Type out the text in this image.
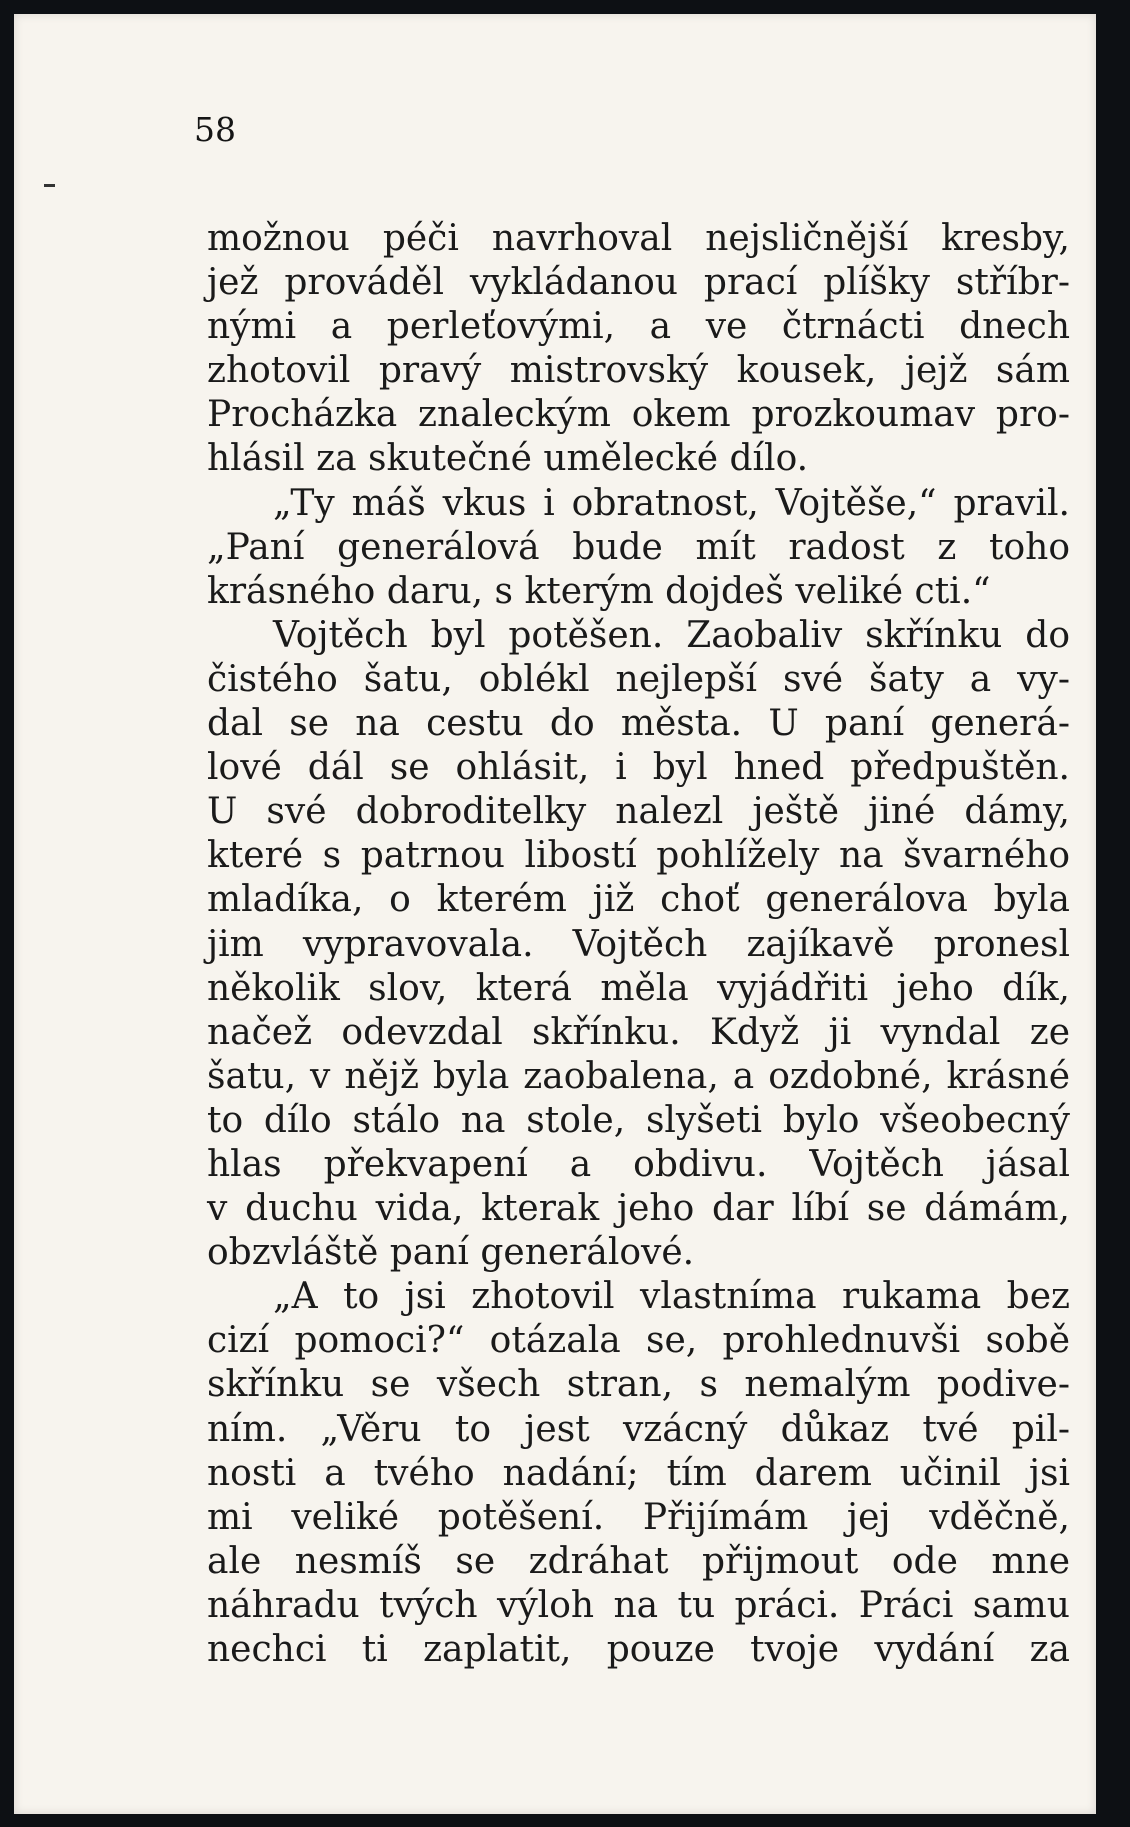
58
možnou péči navrhoval nejsličnější kresby,
jež prováděl vykládanou prací plíšky stříbr-
nými a perleťovými, a ve čtrnácti dnech
zhotovil pravý mistrovský kousek, jejž sám
Procházka znaleckým okem prozkoumav pro-
hlásil za skutečné umělecké dílo.
„Ty máš vkus i obratnost, Vojtěše,“ pravil.
„Paní generálová bude mít radost z toho
krásného daru, s kterým dojdeš veliké cti.“
Vojtěch byl potěšen. Zaobaliv skřínku do
čistého šatu, oblékl nejlepší své šaty a vy-
dal se na cestu do města. U paní generá-
lové dál se ohlásit, i byl hned předpuštěn.
U své dobroditelky nalezl ještě jiné dámy,
které s patrnou libostí pohlížely na švarného
mladíka, o kterém již choť generálova byla
jim vypravovala. Vojtěch zajíkavě pronesl
několik slov, která měla vyjádřiti jeho dík,
načež odevzdal skřínku. Když ji vyndal ze
šatu, v nějž byla zaobalena, a ozdobné, krásné
to dílo stálo na stole, slyšeti bylo všeobecný
hlas překvapení a obdivu. Vojtěch jásal
v duchu vida, kterak jeho dar líbí se dámám,
obzvláště paní generálové.
„A to jsi zhotovil vlastníma rukama bez
cizí pomoci?“ otázala se, prohlednuvši sobě
skřínku se všech stran, s nemalým podive-
ním. „Věru to jest vzácný důkaz tvé pil-
nosti a tvého nadání; tím darem učinil jsi
mi veliké potěšení. Přijímám jej vděčně,
ale nesmíš se zdráhat přijmout ode mne
náhradu tvých výloh na tu práci. Práci samu
nechci ti zaplatit, pouze tvoje vydání za
